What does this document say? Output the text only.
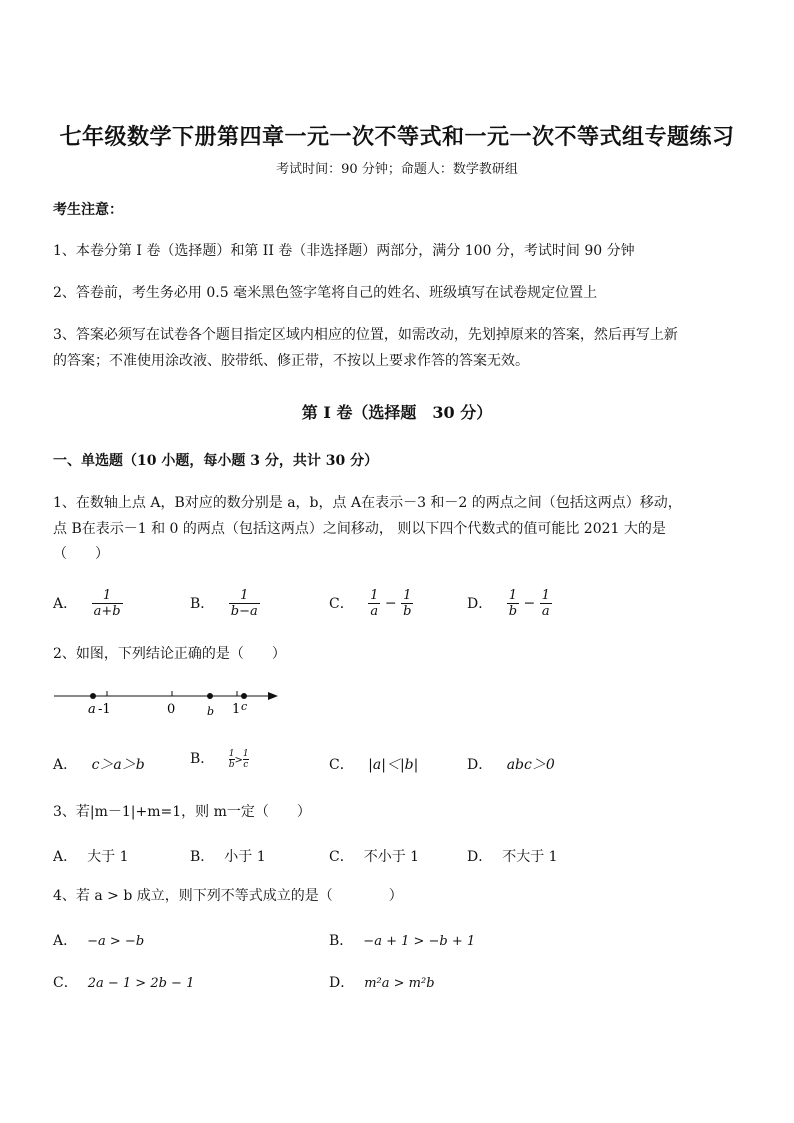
七年级数学下册第四章一元一次不等式和一元一次不等式组专题练习
考试时间：90 分钟；命题人：数学教研组
考生注意：
1、本卷分第 I 卷（选择题）和第 II 卷（非选择题）两部分，满分 100 分，考试时间 90 分钟
2、答卷前，考生务必用 0.5 毫米黑色签字笔将自己的姓名、班级填写在试卷规定位置上
3、答案必须写在试卷各个题目指定区域内相应的位置，如需改动，先划掉原来的答案，然后再写上新
的答案；不准使用涂改液、胶带纸、修正带，不按以上要求作答的答案无效。
第 I 卷（选择题　30 分）
一、单选题（10 小题，每小题 3 分，共计 30 分）
1、在数轴上点 A，B对应的数分别是 a，b，点 A在表示－3 和－2 的两点之间（包括这两点）移动，
点 B在表示－1 和 0 的两点（包括这两点）之间移动， 则以下四个代数式的值可能比 2021 大的是
（　　）
A． $\frac{1}{a+b}$	B． $\frac{1}{b-a}$	C． $\frac{1}{a} - \frac{1}{b}$	D． $\frac{1}{b} - \frac{1}{a}$
2、如图，下列结论正确的是（　　）
a -1	0	b 1 c
A． c＞a＞b	B． $\frac{1}{b} > \frac{1}{c}$	C． |a|＜|b|	D． abc＞0
3、若|m－1|+m=1，则 m一定（　　）
A． 大于 1	B． 小于 1	C． 不小于 1	D． 不大于 1
4、若 a > b 成立，则下列不等式成立的是（　　　　）
A． −a > −b	B． −a + 1 > −b + 1
C． 2a − 1 > 2b − 1	D． m²a > m²b
